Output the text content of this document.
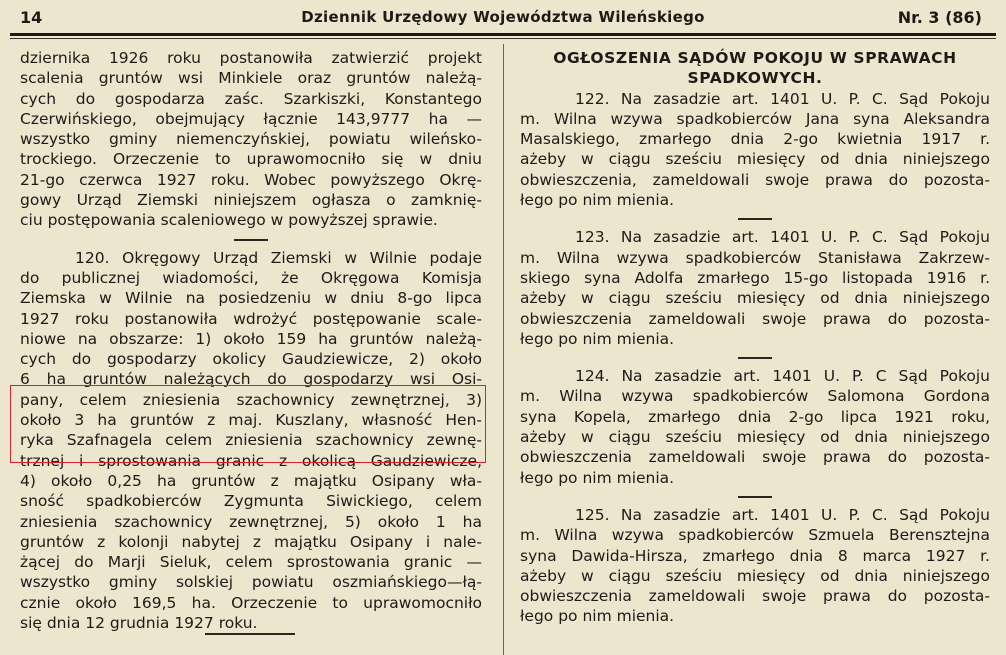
14	Dziennik Urzędowy Województwa Wileńskiego	Nr. 3 (86)
dziernika 1926 roku postanowiła zatwierzić projekt
scalenia gruntów wsi Minkiele oraz gruntów należą-
cych do gospodarza zaśc. Szarkiszki, Konstantego
Czerwińskiego, obejmujący łącznie 143,9777 ha —
wszystko gminy niemenczyńskiej, powiatu wileńsko-
trockiego. Orzeczenie to uprawomocniło się w dniu
21-go czerwca 1927 roku. Wobec powyższego Okrę-
gowy Urząd Ziemski niniejszem ogłasza o zamknię-
ciu postępowania scaleniowego w powyższej sprawie.
120. Okręgowy Urząd Ziemski w Wilnie podaje
do publicznej wiadomości, że Okręgowa Komisja
Ziemska w Wilnie na posiedzeniu w dniu 8-go lipca
1927 roku postanowiła wdrożyć postępowanie scale-
niowe na obszarze: 1) około 159 ha gruntów należą-
cych do gospodarzy okolicy Gaudziewicze, 2) około
6 ha gruntów należących do gospodarzy wsi Osi-
pany, celem zniesienia szachownicy zewnętrznej, 3)
około 3 ha gruntów z maj. Kuszlany, własność Hen-
ryka Szafnagela celem zniesienia szachownicy zewnę-
trznej i sprostowania granic z okolicą Gaudziewicze,
4) około 0,25 ha gruntów z majątku Osipany wła-
sność spadkobierców Zygmunta Siwickiego, celem
zniesienia szachownicy zewnętrznej, 5) około 1 ha
gruntów z kolonji nabytej z majątku Osipany i nale-
żącej do Marji Sieluk, celem sprostowania granic —
wszystko gminy solskiej powiatu oszmiańskiego—łą-
cznie około 169,5 ha. Orzeczenie to uprawomocniło
się dnia 12 grudnia 1927 roku.
OGŁOSZENIA SĄDÓW POKOJU W SPRAWACH
SPADKOWYCH.
122. Na zasadzie art. 1401 U. P. C. Sąd Pokoju
m. Wilna wzywa spadkobierców Jana syna Aleksandra
Masalskiego, zmarłego dnia 2-go kwietnia 1917 r.
ażeby w ciągu sześciu miesięcy od dnia niniejszego
obwieszczenia, zameldowali swoje prawa do pozosta-
łego po nim mienia.
123. Na zasadzie art. 1401 U. P. C. Sąd Pokoju
m. Wilna wzywa spadkobierców Stanisława Zakrzew-
skiego syna Adolfa zmarłego 15-go listopada 1916 r.
ażeby w ciągu sześciu miesięcy od dnia niniejszego
obwieszczenia zameldowali swoje prawa do pozosta-
łego po nim mienia.
124. Na zasadzie art. 1401 U. P. C Sąd Pokoju
m. Wilna wzywa spadkobierców Salomona Gordona
syna Kopela, zmarłego dnia 2-go lipca 1921 roku,
ażeby w ciągu sześciu miesięcy od dnia niniejszego
obwieszczenia zameldowali swoje prawa do pozosta-
łego po nim mienia.
125. Na zasadzie art. 1401 U. P. C. Sąd Pokoju
m. Wilna wzywa spadkobierców Szmuela Berensztejna
syna Dawida-Hirsza, zmarłego dnia 8 marca 1927 r.
ażeby w ciągu sześciu miesięcy od dnia niniejszego
obwieszczenia zameldowali swoje prawa do pozosta-
łego po nim mienia.
